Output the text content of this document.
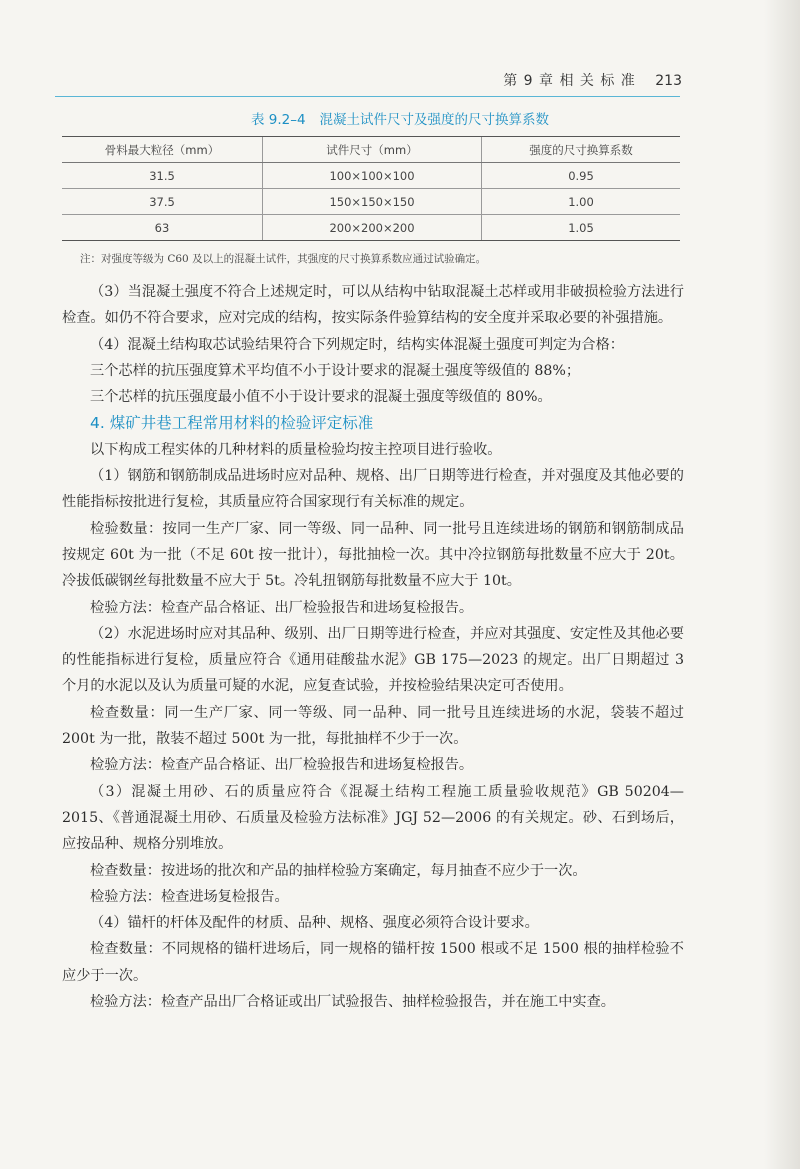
第 9 章 相 关 标 准 213
表 9.2–4 混凝土试件尺寸及强度的尺寸换算系数
骨料最大粒径（mm）	试件尺寸（mm）	强度的尺寸换算系数
31.5	100×100×100	0.95
37.5	150×150×150	1.00
63	200×200×200	1.05
注：对强度等级为 C60 及以上的混凝土试件，其强度的尺寸换算系数应通过试验确定。

（3）当混凝土强度不符合上述规定时，可以从结构中钻取混凝土芯样或用非破损检验方法进行检查。如仍不符合要求，应对完成的结构，按实际条件验算结构的安全度并采取必要的补强措施。

（4）混凝土结构取芯试验结果符合下列规定时，结构实体混凝土强度可判定为合格：

三个芯样的抗压强度算术平均值不小于设计要求的混凝土强度等级值的 88%；

三个芯样的抗压强度最小值不小于设计要求的混凝土强度等级值的 80%。

4. 煤矿井巷工程常用材料的检验评定标准

以下构成工程实体的几种材料的质量检验均按主控项目进行验收。

（1）钢筋和钢筋制成品进场时应对品种、规格、出厂日期等进行检查，并对强度及其他必要的性能指标按批进行复检，其质量应符合国家现行有关标准的规定。

检验数量：按同一生产厂家、同一等级、同一品种、同一批号且连续进场的钢筋和钢筋制成品按规定 60t 为一批（不足 60t 按一批计），每批抽检一次。其中冷拉钢筋每批数量不应大于 20t。冷拔低碳钢丝每批数量不应大于 5t。冷轧扭钢筋每批数量不应大于 10t。

检验方法：检查产品合格证、出厂检验报告和进场复检报告。

（2）水泥进场时应对其品种、级别、出厂日期等进行检查，并应对其强度、安定性及其他必要的性能指标进行复检，质量应符合《通用硅酸盐水泥》GB 175—2023 的规定。出厂日期超过 3 个月的水泥以及认为质量可疑的水泥，应复查试验，并按检验结果决定可否使用。

检查数量：同一生产厂家、同一等级、同一品种、同一批号且连续进场的水泥，袋装不超过 200t 为一批，散装不超过 500t 为一批，每批抽样不少于一次。

检验方法：检查产品合格证、出厂检验报告和进场复检报告。

（3）混凝土用砂、石的质量应符合《混凝土结构工程施工质量验收规范》GB 50204—2015、《普通混凝土用砂、石质量及检验方法标准》JGJ 52—2006 的有关规定。砂、石到场后，应按品种、规格分别堆放。

检查数量：按进场的批次和产品的抽样检验方案确定，每月抽查不应少于一次。

检验方法：检查进场复检报告。

（4）锚杆的杆体及配件的材质、品种、规格、强度必须符合设计要求。

检查数量：不同规格的锚杆进场后，同一规格的锚杆按 1500 根或不足 1500 根的抽样检验不应少于一次。

检验方法：检查产品出厂合格证或出厂试验报告、抽样检验报告，并在施工中实查。
